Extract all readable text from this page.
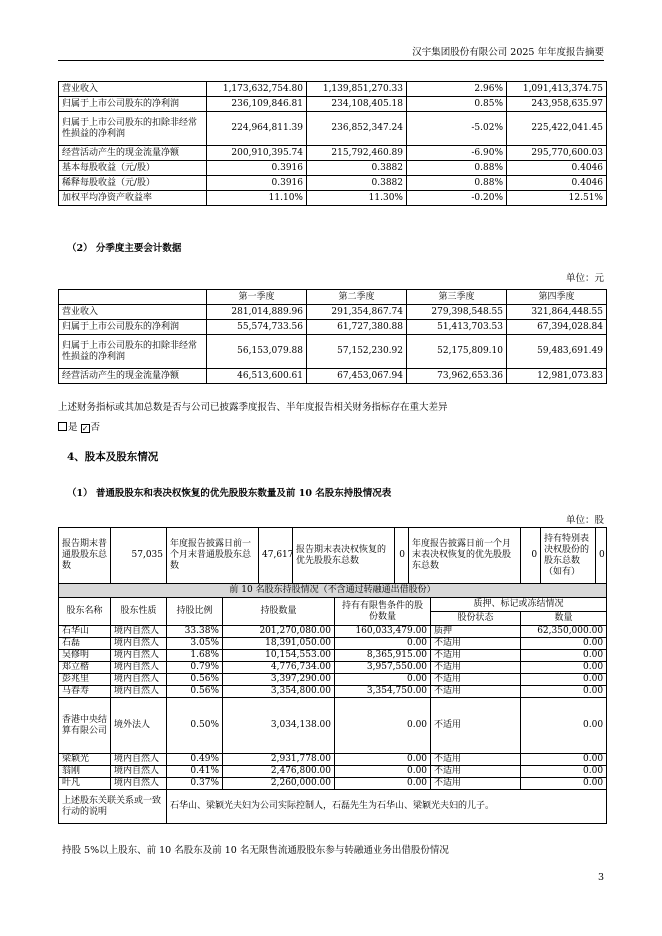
汉宇集团股份有限公司 2025 年年度报告摘要
营业收入	1,173,632,754.80	1,139,851,270.33	2.96%	1,091,413,374.75
归属于上市公司股东的净利润	236,109,846.81	234,108,405.18	0.85%	243,958,635.97
归属于上市公司股东的扣除非经常性损益的净利润	224,964,811.39	236,852,347.24	-5.02%	225,422,041.45
经营活动产生的现金流量净额	200,910,395.74	215,792,460.89	-6.90%	295,770,600.03
基本每股收益（元/股）	0.3916	0.3882	0.88%	0.4046
稀释每股收益（元/股）	0.3916	0.3882	0.88%	0.4046
加权平均净资产收益率	11.10%	11.30%	-0.20%	12.51%
（2） 分季度主要会计数据
单位：元
	第一季度	第二季度	第三季度	第四季度
营业收入	281,014,889.96	291,354,867.74	279,398,548.55	321,864,448.55
归属于上市公司股东的净利润	55,574,733.56	61,727,380.88	51,413,703.53	67,394,028.84
归属于上市公司股东的扣除非经常性损益的净利润	56,153,079.88	57,152,230.92	52,175,809.10	59,483,691.49
经营活动产生的现金流量净额	46,513,600.61	67,453,067.94	73,962,653.36	12,981,073.83
上述财务指标或其加总数是否与公司已披露季度报告、半年度报告相关财务指标存在重大差异
是 ✓ 否
4、股本及股东情况
（1） 普通股股东和表决权恢复的优先股股东数量及前 10 名股东持股情况表
单位：股
报告期末普通股股东总数	57,035	年度报告披露日前一个月末普通股股东总数		47,617	报告期末表决权恢复的优先股股东总数		0	年度报告披露日前一个月末表决权恢复的优先股股东总数		0	持有特别表决权股份的股东总数（如有）	0
前 10 名股东持股情况（不含通过转融通出借股份）												
股东名称	股东性质	持股比例	持股数量			持有有限售条件的股份数量			质押、标记或冻结情况			
									股份状态	数量		
石华山	境内自然人	33.38%	201,270,080.00			160,033,479.00			质押	62,350,000.00		
石磊	境内自然人	3.05%	18,391,050.00			0.00			不适用	0.00		
吴修明	境内自然人	1.68%	10,154,553.00			8,365,915.00			不适用	0.00		
郑立楷	境内自然人	0.79%	4,776,734.00			3,957,550.00			不适用	0.00		
彭兆里	境内自然人	0.56%	3,397,290.00			0.00			不适用	0.00		
马春寿	境内自然人	0.56%	3,354,800.00			3,354,750.00			不适用	0.00		
香港中央结算有限公司	境外法人	0.50%	3,034,138.00			0.00			不适用	0.00		
梁颖光	境内自然人	0.49%	2,931,778.00			0.00			不适用	0.00		
翁刚	境内自然人	0.41%	2,476,800.00			0.00			不适用	0.00		
叶凡	境内自然人	0.37%	2,260,000.00			0.00			不适用	0.00		
上述股东关联关系或一致行动的说明		石华山、梁颖光夫妇为公司实际控制人，石磊先生为石华山、梁颖光夫妇的儿子。										
持股 5%以上股东、前 10 名股东及前 10 名无限售流通股股东参与转融通业务出借股份情况
3
